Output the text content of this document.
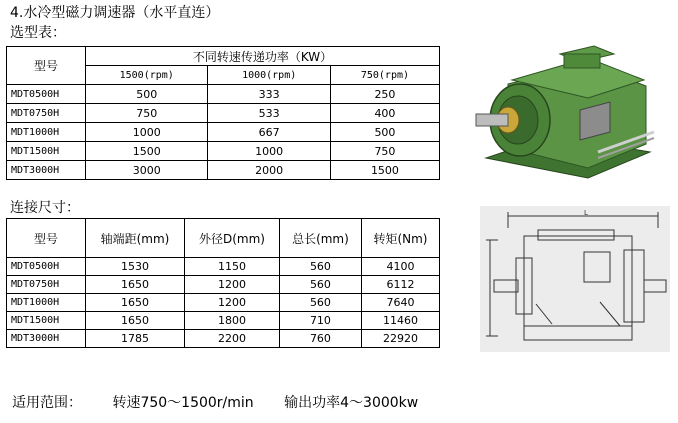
4.水冷型磁力调速器（水平直连）
选型表：
型号	不同转速传递功率（KW）		
	1500(rpm)	1000(rpm)	750(rpm)
MDT0500H	500	333	250
MDT0750H	750	533	400
MDT1000H	1000	667	500
MDT1500H	1500	1000	750
MDT3000H	3000	2000	1500
连接尺寸：
型号	轴端距(mm)	外径D(mm)	总长(mm)	转矩(Nm)
MDT0500H	1530	1150	560	4100
MDT0750H	1650	1200	560	6112
MDT1000H	1650	1200	560	7640
MDT1500H	1650	1800	710	11460
MDT3000H	1785	2200	760	22920
L
适用范围： 转速750～1500r/min 输出功率4～3000kw
